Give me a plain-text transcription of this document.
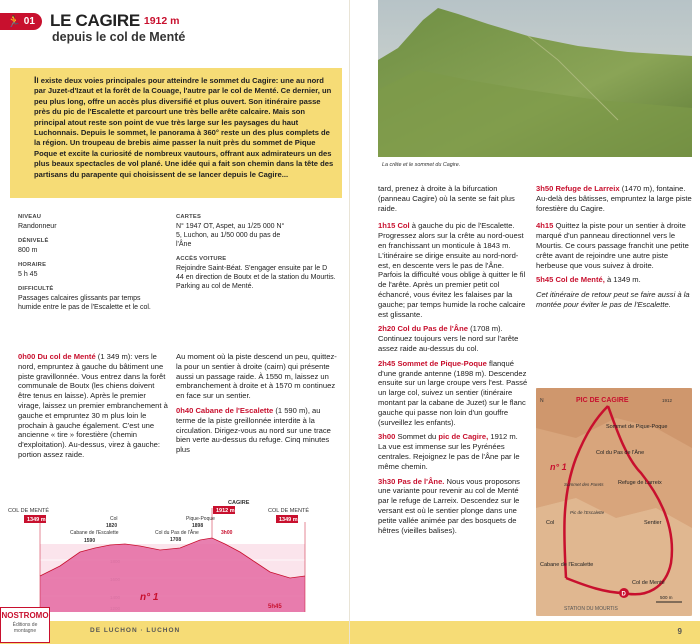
🏃 01 LE CAGIRE 1912 m
depuis le col de Menté
Il existe deux voies principales pour atteindre le sommet du Cagire: une au nord par Juzet-d'Izaut et la forêt de la Couage, l'autre par le col de Menté. Ce dernier, un peu plus long, offre un accès plus diversifié et plus ouvert. Son itinéraire passe près du pic de l'Escalette et parcourt une très belle arête calcaire. Mais son principal atout reste son point de vue très large sur les paysages du haut Luchonnais. Depuis le sommet, le panorama à 360° reste un des plus complets de la région. Un troupeau de brebis aime passer la nuit près du sommet de Pique Poque et excite la curiosité de nombreux vautours, offrant aux admirateurs un des plus beaux spectacles de vol plané. Une idée qui a fait son chemin dans la tête des partisans du parapente qui choisissent de se lancer depuis le Cagire...
NIVEAU
Randonneur
DÉNIVELÉ
800 m
HORAIRE
5 h 45
DIFFICULTÉ
Passages calcaires glissants par temps humide entre le pas de l'Escalette et le col.
CARTES
N° 1947 OT, Aspet, au 1/25 000 N° 5, Luchon, au 1/50 000 du pas de l'Âne
ACCÈS VOITURE
Rejoindre Saint-Béat. S'engager ensuite par le D 44 en direction de Boutx et de la station du Mourtis. Parking au col de Menté.

0h00 Du col de Menté (1 349 m): vers le nord, empruntez à gauche du bâtiment une piste gravillonnée. Vous entrez dans la forêt communale de Boutx (les chiens doivent être tenus en laisse). Après le premier virage, laissez un premier embranchement à gauche et empruntez 30 m plus loin le prochain à gauche également. C'est une ancienne « tire » forestière (chemin d'exploitation). Au-dessus, virez à gauche: portion assez raide.

Au moment où la piste descend un peu, quittez-la pour un sentier à droite (cairn) qui présente aussi un passage raide. À 1550 m, laissez un embranchement à droite et à 1570 m continuez en face sur un sentier.

0h40 Cabane de l'Escalette (1 590 m), au terme de la piste greillonnée interdite à la circulation. Dirigez-vous au nord sur une trace bien verte au-dessus du refuge. Cinq minutes plus

COL DE MENTÉ
1349 m
COL DE MENTÉ
1349 m
CAGIRE
1912 m
3h00
Cabane de l'Escalette
1590
Col
1820
Col du Pas de l'Âne
1708
Pique-Poque
1898
n° 1
5h45
DE LUCHON · LUCHON
NOSTROMO
Éditions de montagne
La crête et le sommet du Cagire.

tard, prenez à droite à la bifurcation (panneau Cagire) où la sente se fait plus raide.

1h15 Col à gauche du pic de l'Escalette. Progressez alors sur la crête au nord-ouest en franchissant un monticule à 1843 m. L'itinéraire se dirige ensuite au nord-nord-est, en descente vers le pas de l'Âne. Parfois la difficulté vous oblige à quitter le fil de l'arête. Après un premier petit col échancré, vous évitez les falaises par la gauche; par temps humide la roche calcaire est glissante.

2h20 Col du Pas de l'Âne (1708 m). Continuez toujours vers le nord sur l'arête assez raide au-dessus du col.

2h45 Sommet de Pique-Poque flanqué d'une grande antenne (1898 m). Descendez ensuite sur un large croupe vers l'est. Passé un large col, suivez un sentier (itinéraire montant par la cabane de Juzet) sur le flanc gauche qui passe non loin d'un gouffre (surveillez les enfants).

3h00 Sommet du pic de Cagire, 1912 m. La vue est immense sur les Pyrénées centrales. Rejoignez le pas de l'Âne par le même chemin.

3h30 Pas de l'Âne. Nous vous proposons une variante pour revenir au col de Menté par le refuge de Larreix. Descendez sur le versant est où le sentier plonge dans une petite vallée animée par des bosquets de hêtres (vieilles balises).

3h50 Refuge de Larreix (1470 m), fontaine. Au-delà des bâtisses, empruntez la large piste forestière du Cagire.

4h15 Quittez la piste pour un sentier à droite marqué d'un panneau directionnel vers le Mourtis. Ce cours passage franchit une petite crête avant de rejoindre une autre piste herbeuse que vous suivez à droite.

5h45 Col de Menté, à 1349 m.

Cet itinéraire de retour peut se faire aussi à la montée pour éviter le pas de l'Escalette.

D
N	PIC DE CAGIRE	1912
Sommet de Pique-Poque
Col du Pas de l'Âne
Refuge de Larreix
n° 1
Sommet des Parets
Pic de l'Escalette
Col	Sentier
Cabane de l'Escalette
Col de Menté
STATION DU MOURTIS
500 m
9
